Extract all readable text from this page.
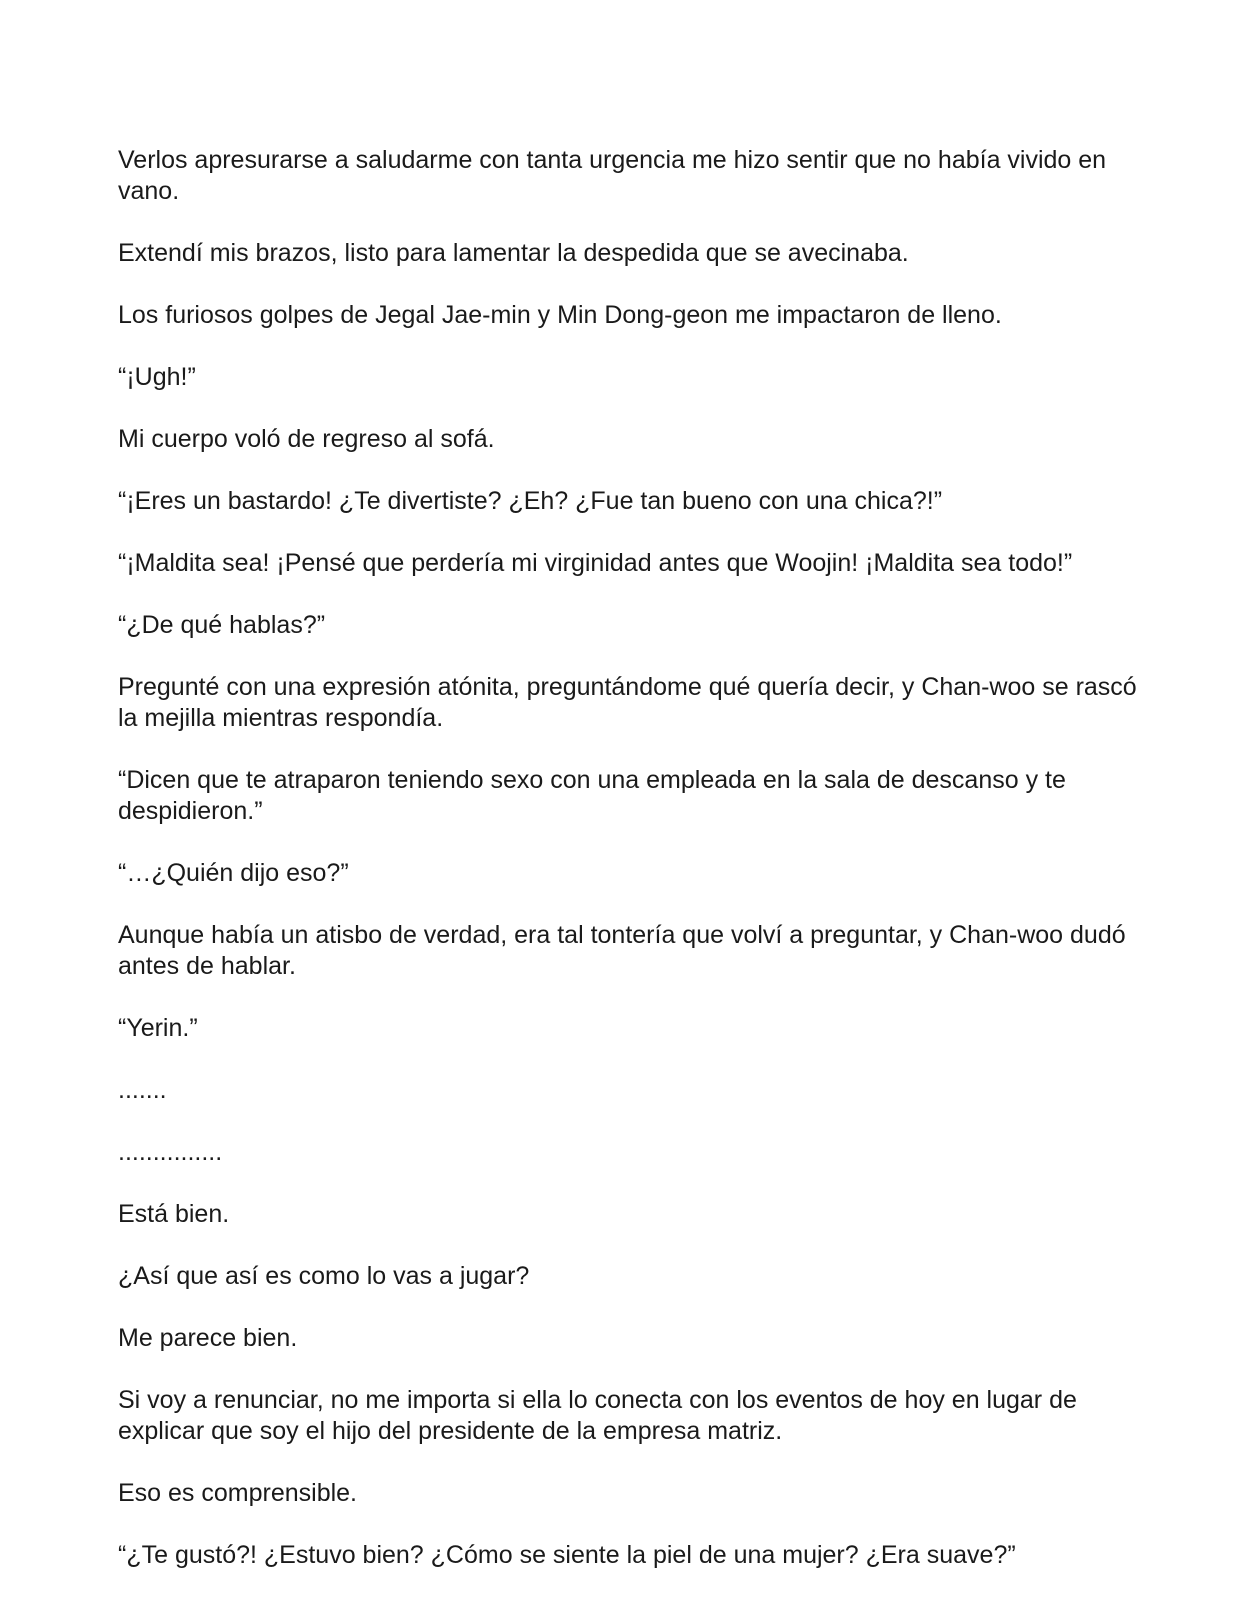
Verlos apresurarse a saludarme con tanta urgencia me hizo sentir que no había vivido en vano.

Extendí mis brazos, listo para lamentar la despedida que se avecinaba.

Los furiosos golpes de Jegal Jae-min y Min Dong-geon me impactaron de lleno.

“¡Ugh!”

Mi cuerpo voló de regreso al sofá.

“¡Eres un bastardo! ¿Te divertiste? ¿Eh? ¿Fue tan bueno con una chica?!”

“¡Maldita sea! ¡Pensé que perdería mi virginidad antes que Woojin! ¡Maldita sea todo!”

“¿De qué hablas?”

Pregunté con una expresión atónita, preguntándome qué quería decir, y Chan-woo se rascó la mejilla mientras respondía.

“Dicen que te atraparon teniendo sexo con una empleada en la sala de descanso y te despidieron.”

“…¿Quién dijo eso?”

Aunque había un atisbo de verdad, era tal tontería que volví a preguntar, y Chan-woo dudó antes de hablar.

“Yerin.”

.......

...............

Está bien.

¿Así que así es como lo vas a jugar?

Me parece bien.

Si voy a renunciar, no me importa si ella lo conecta con los eventos de hoy en lugar de explicar que soy el hijo del presidente de la empresa matriz.

Eso es comprensible.

“¿Te gustó?! ¿Estuvo bien? ¿Cómo se siente la piel de una mujer? ¿Era suave?”
